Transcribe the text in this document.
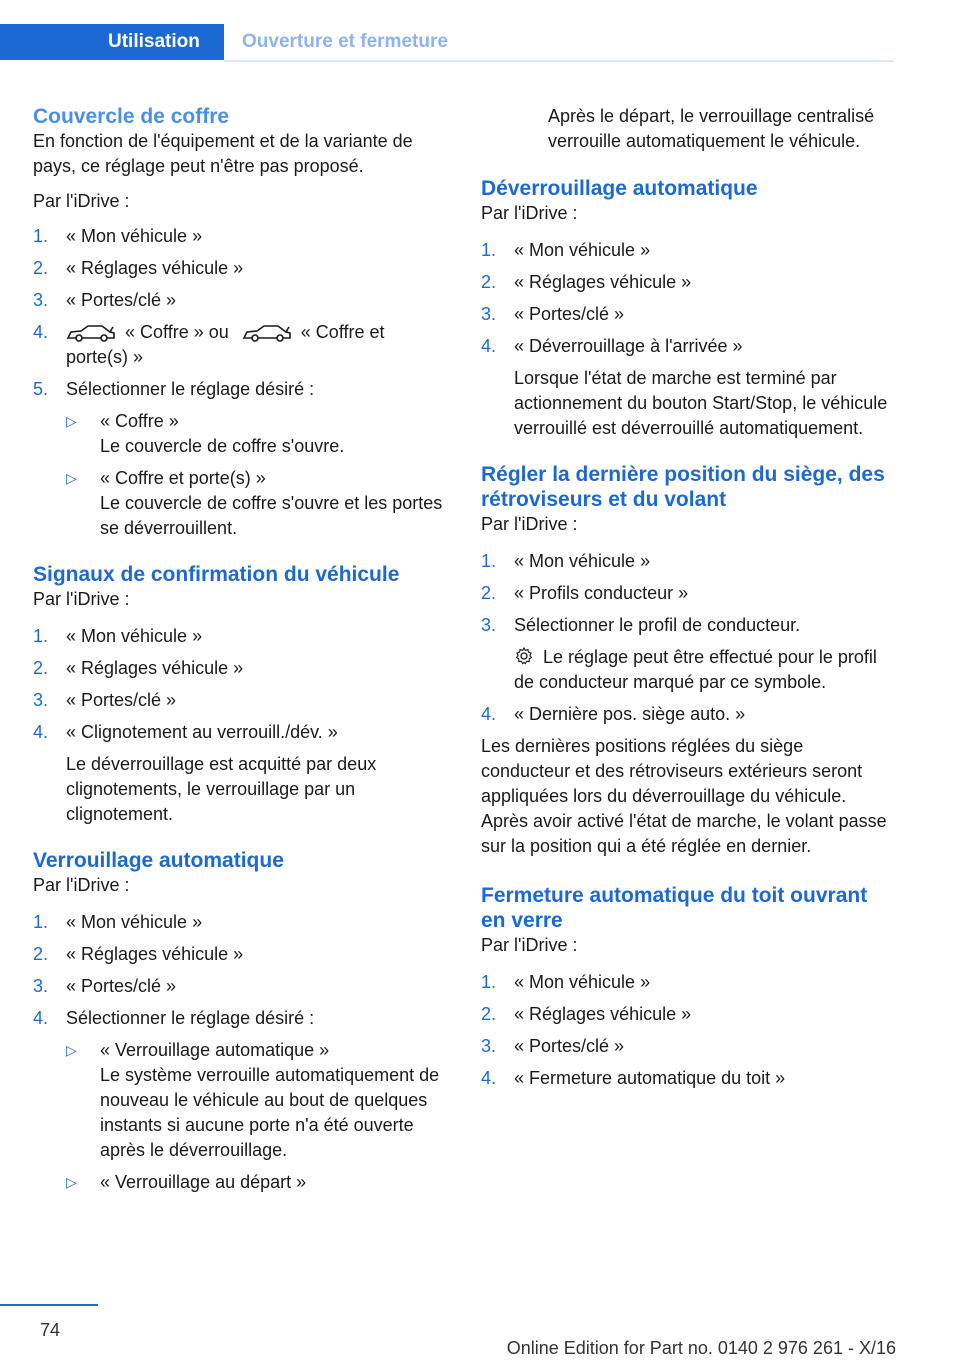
Utilisation	Ouverture et fermeture
Couvercle de coffre

En fonction de l'équipement et de la variante de pays, ce réglage peut n'être pas proposé.

Par l'iDrive :

1. « Mon véhicule »
2. « Réglages véhicule »
3. « Portes/clé »
4.	« Coffre » ou	« Coffre et porte(s) »
5. Sélectionner le réglage désiré :
▷ « Coffre »
Le couvercle de coffre s'ouvre.
▷ « Coffre et porte(s) »
Le couvercle de coffre s'ouvre et les portes se déverrouillent.
Signaux de confirmation du véhicule

Par l'iDrive :

1. « Mon véhicule »
2. « Réglages véhicule »
3. « Portes/clé »
4. « Clignotement au verrouill./dév. »
Le déverrouillage est acquitté par deux clignotements, le verrouillage par un clignotement.
Verrouillage automatique

Par l'iDrive :

1. « Mon véhicule »
2. « Réglages véhicule »
3. « Portes/clé »
4. Sélectionner le réglage désiré :
▷ « Verrouillage automatique »
Le système verrouille automatiquement de nouveau le véhicule au bout de quelques instants si aucune porte n'a été ouverte après le déverrouillage.
▷ « Verrouillage au départ »
Après le départ, le verrouillage centralisé verrouille automatiquement le véhicule.
Déverrouillage automatique

Par l'iDrive :

1. « Mon véhicule »
2. « Réglages véhicule »
3. « Portes/clé »
4. « Déverrouillage à l'arrivée »
Lorsque l'état de marche est terminé par actionnement du bouton Start/Stop, le véhicule verrouillé est déverrouillé automatiquement.
Régler la dernière position du siège, des rétroviseurs et du volant

Par l'iDrive :

1. « Mon véhicule »
2. « Profils conducteur »
3. Sélectionner le profil de conducteur.
Le réglage peut être effectué pour le profil de conducteur marqué par ce symbole.
4. « Dernière pos. siège auto. »

Les dernières positions réglées du siège conducteur et des rétroviseurs extérieurs seront appliquées lors du déverrouillage du véhicule. Après avoir activé l'état de marche, le volant passe sur la position qui a été réglée en dernier.

Fermeture automatique du toit ouvrant en verre

Par l'iDrive :

1. « Mon véhicule »
2. « Réglages véhicule »
3. « Portes/clé »
4. « Fermeture automatique du toit »
74
Online Edition for Part no. 0140 2 976 261 - X/16
